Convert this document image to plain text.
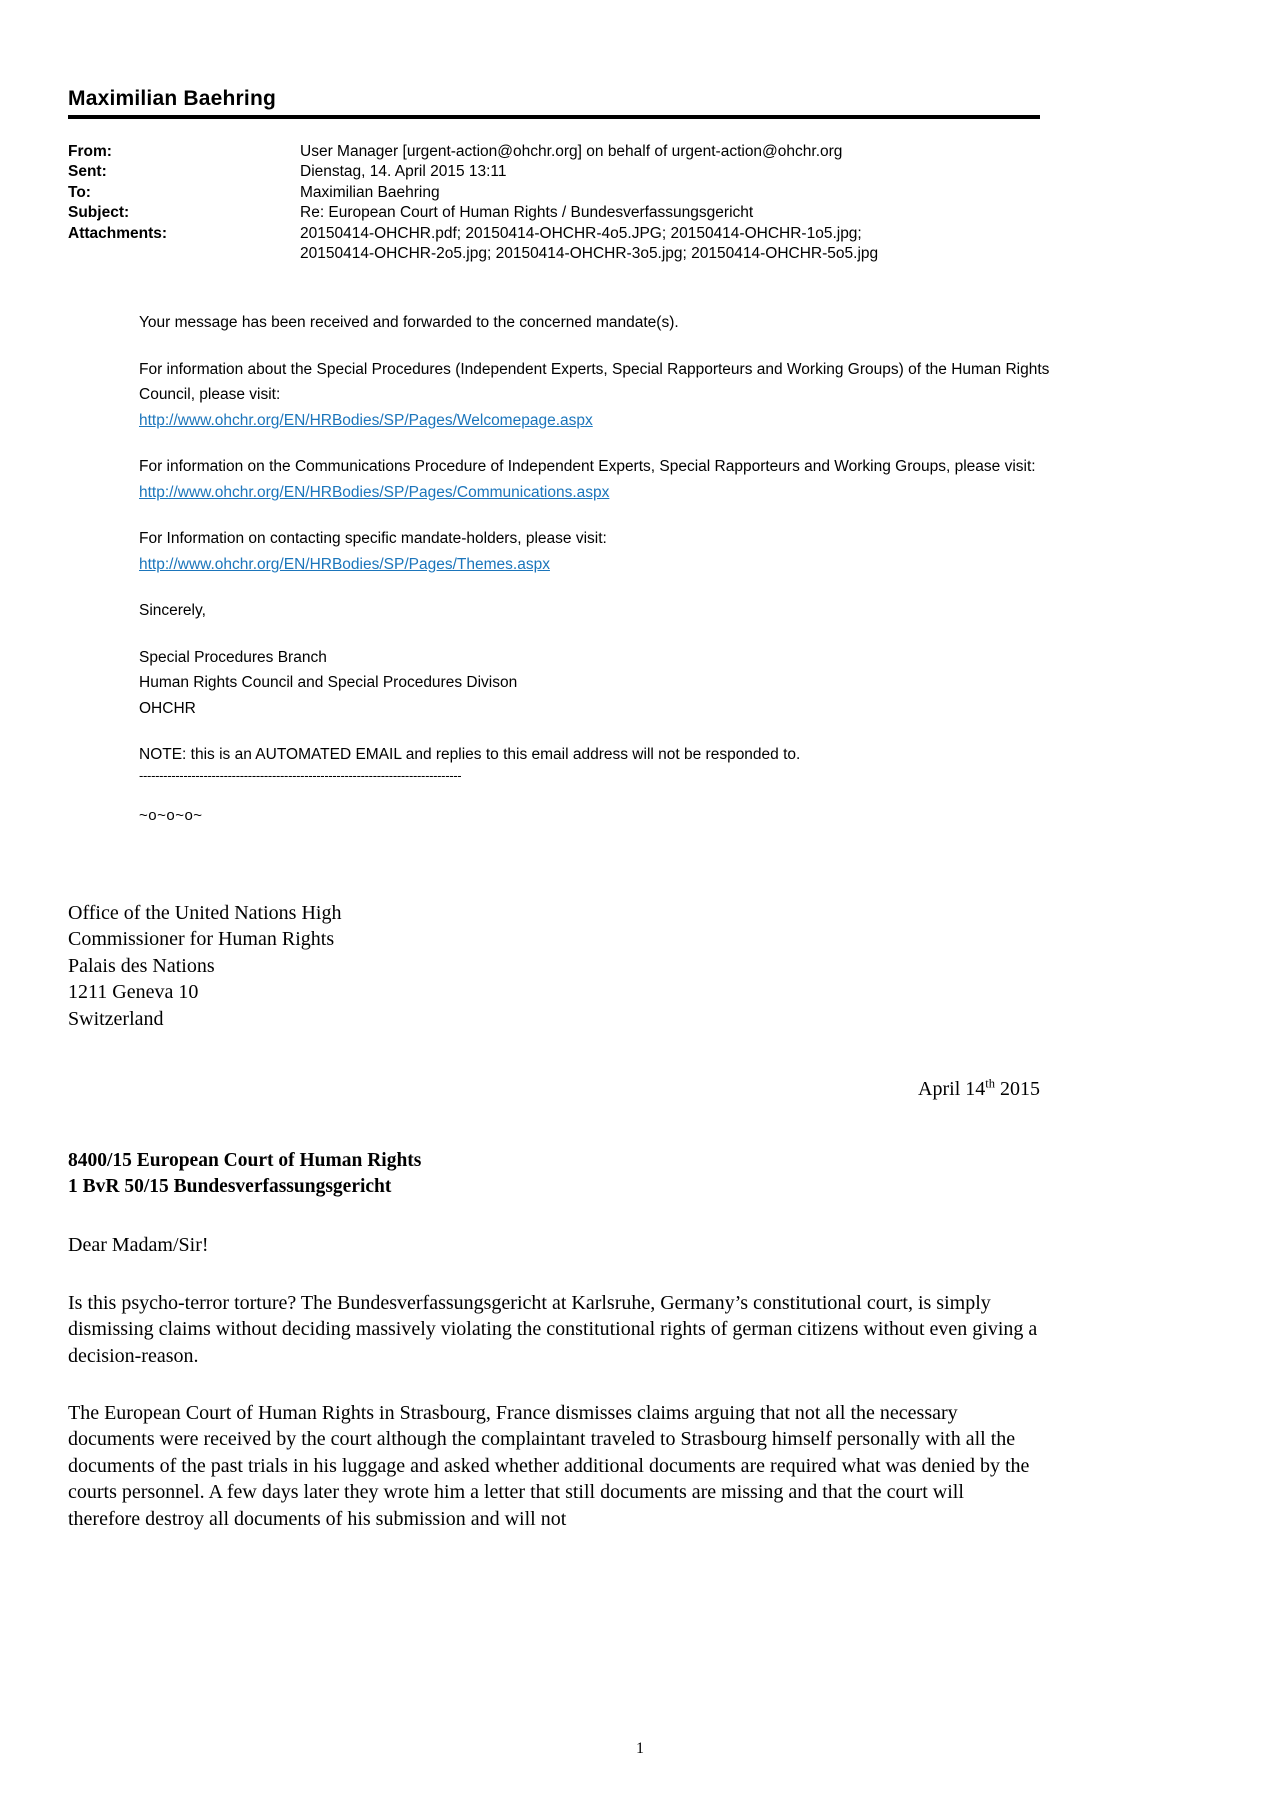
Maximilian Baehring
From:	User Manager [urgent-action@ohchr.org] on behalf of urgent-action@ohchr.org
Sent:	Dienstag, 14. April 2015 13:11
To:	Maximilian Baehring
Subject:	Re: European Court of Human Rights / Bundesverfassungsgericht
Attachments:	20150414-OHCHR.pdf; 20150414-OHCHR-4o5.JPG; 20150414-OHCHR-1o5.jpg;
20150414-OHCHR-2o5.jpg; 20150414-OHCHR-3o5.jpg; 20150414-OHCHR-5o5.jpg

Your message has been received and forwarded to the concerned mandate(s).

For information about the Special Procedures (Independent Experts, Special Rapporteurs and Working Groups) of the Human Rights Council, please visit:

http://www.ohchr.org/EN/HRBodies/SP/Pages/Welcomepage.aspx

For information on the Communications Procedure of Independent Experts, Special Rapporteurs and Working Groups, please visit:

http://www.ohchr.org/EN/HRBodies/SP/Pages/Communications.aspx

For Information on contacting specific mandate-holders, please visit:

http://www.ohchr.org/EN/HRBodies/SP/Pages/Themes.aspx

Sincerely,

Special Procedures Branch

Human Rights Council and Special Procedures Divison

OHCHR

NOTE: this is an AUTOMATED EMAIL and replies to this email address will not be responded to.

--------------------------------------------------------------------------------

~o~o~o~

Office of the United Nations High
Commissioner for Human Rights
Palais des Nations
1211 Geneva 10
Switzerland
April 14th 2015
8400/15 European Court of Human Rights
1 BvR 50/15 Bundesverfassungsgericht
Dear Madam/Sir!
Is this psycho-terror torture? The Bundesverfassungsgericht at Karlsruhe, Germany’s constitutional court, is simply dismissing claims without deciding massively violating the constitutional rights of german citizens without even giving a decision-reason.
The European Court of Human Rights in Strasbourg, France dismisses claims arguing that not all the necessary documents were received by the court although the complaintant traveled to Strasbourg himself personally with all the documents of the past trials in his luggage and asked whether additional documents are required what was denied by the courts personnel. A few days later they wrote him a letter that still documents are missing and that the court will therefore destroy all documents of his submission and will not
1
